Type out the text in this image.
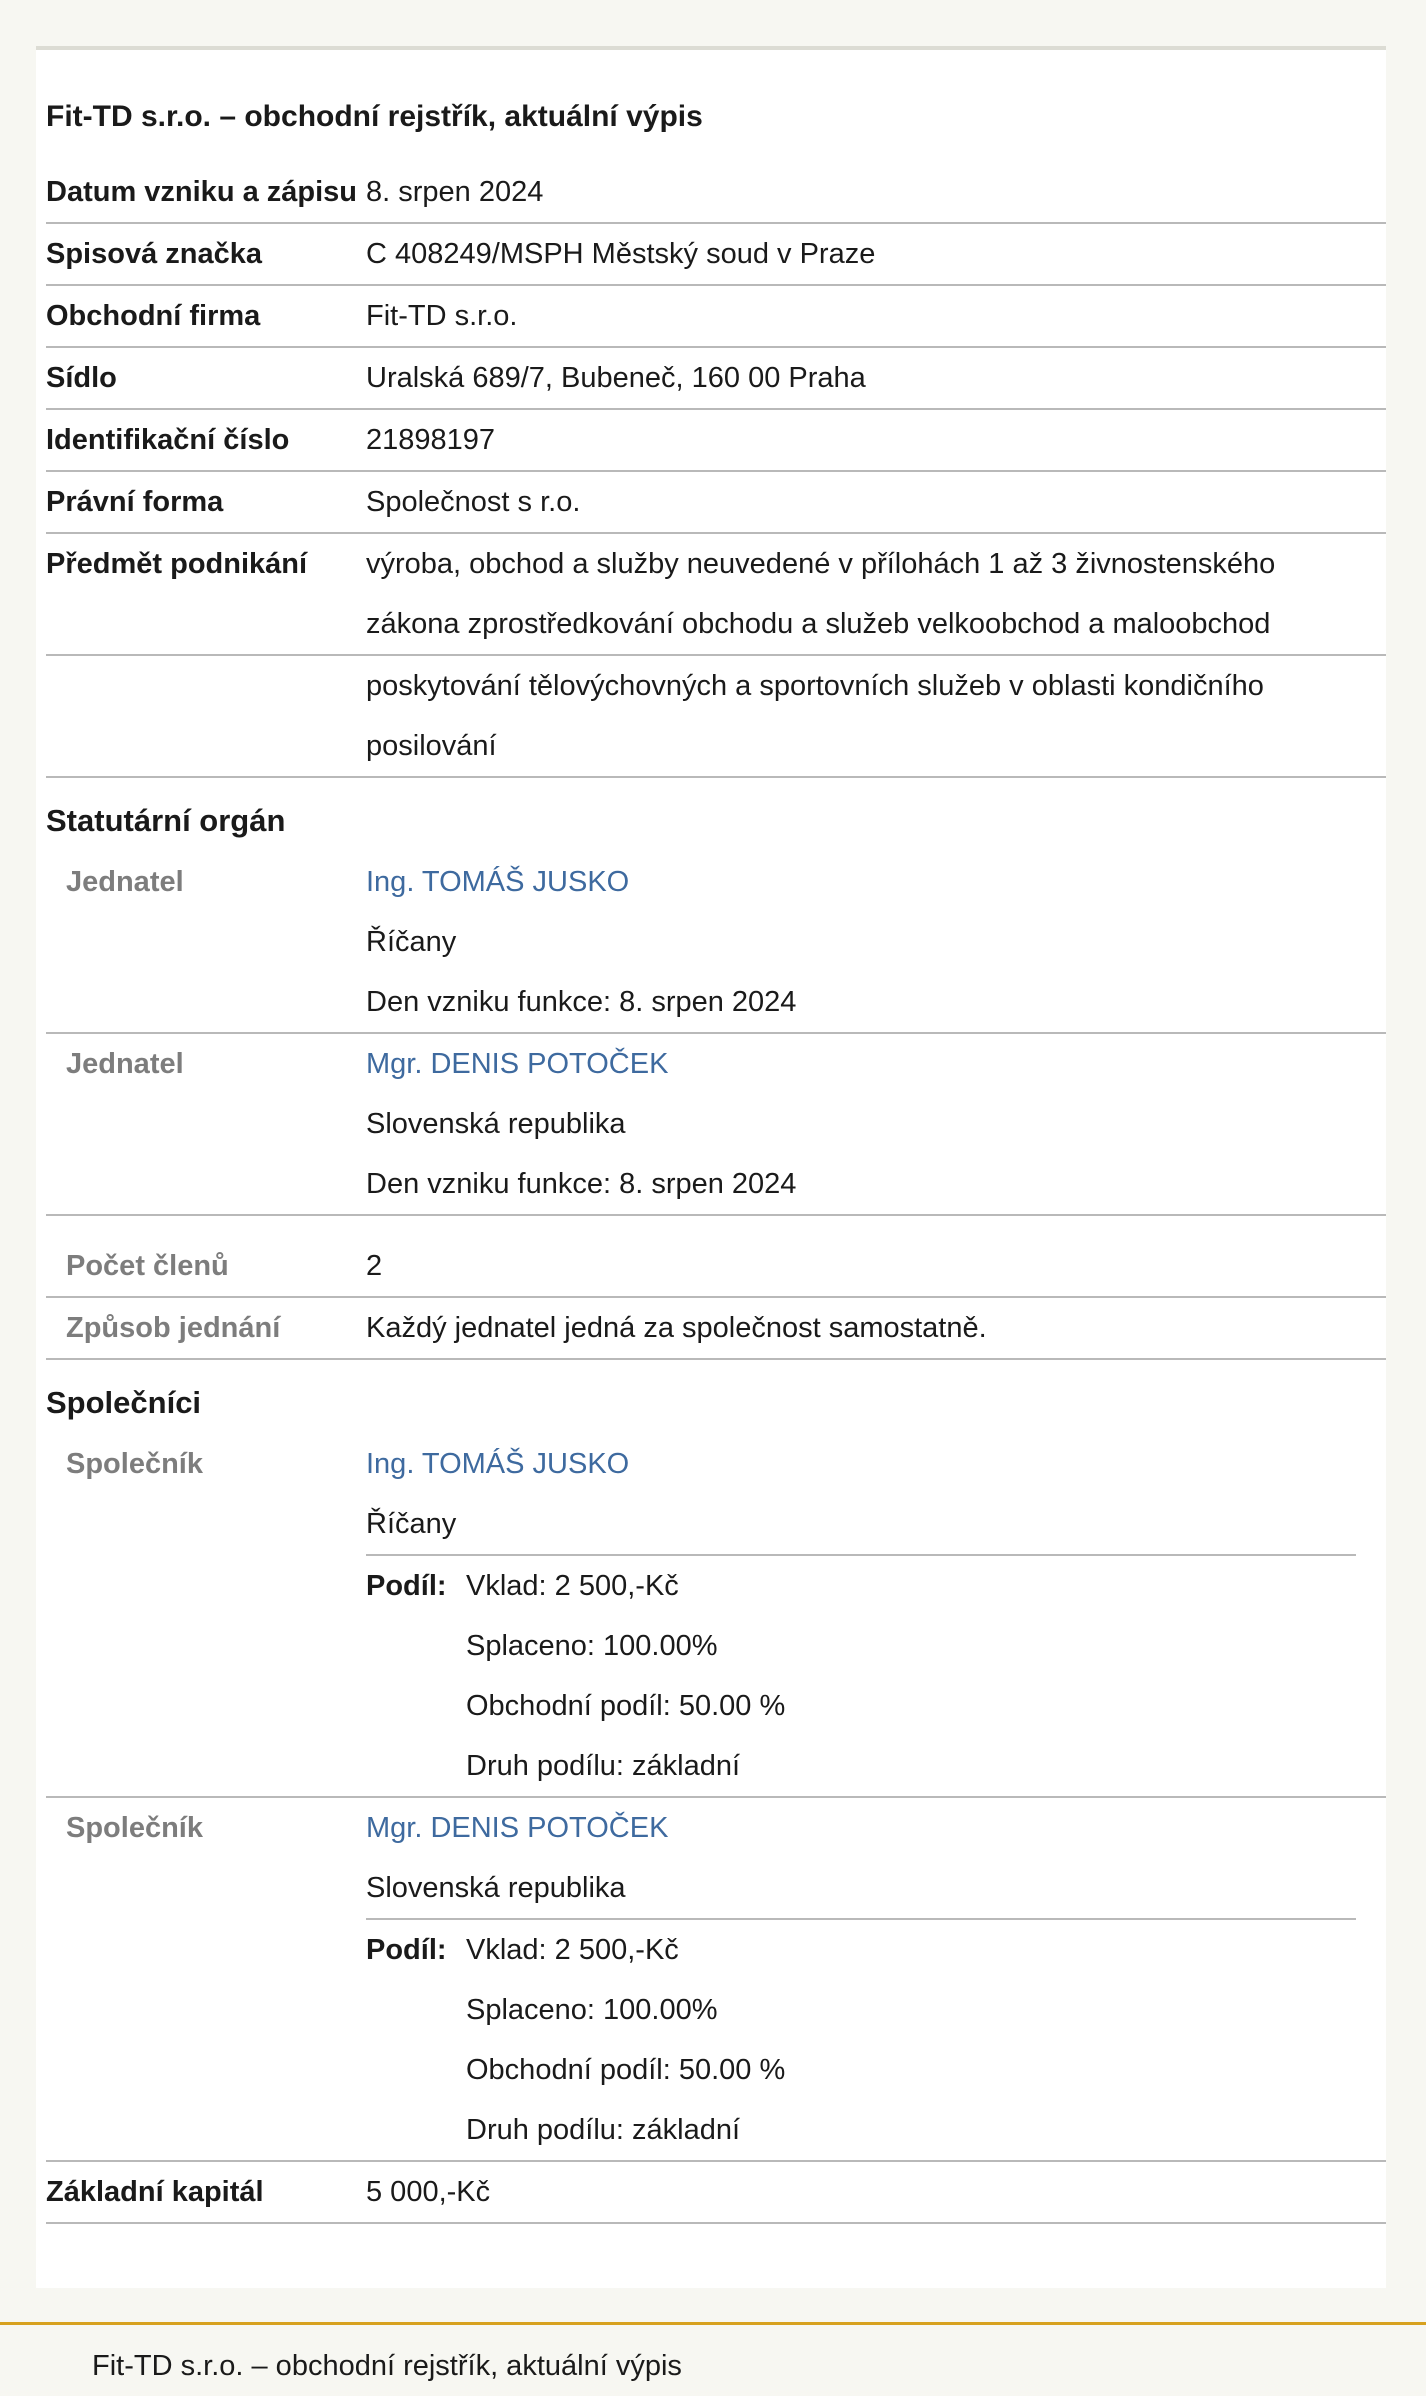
Fit-TD s.r.o. – obchodní rejstřík, aktuální výpis
Datum vzniku a zápisu 8. srpen 2024
Spisová značka	C 408249/MSPH Městský soud v Praze
Obchodní firma	Fit-TD s.r.o.
Sídlo	Uralská 689/7, Bubeneč, 160 00 Praha
Identifikační číslo	21898197
Právní forma	Společnost s r.o.
Předmět podnikání	výroba, obchod a služby neuvedené v přílohách 1 až 3 živnostenského zákona zprostředkování obchodu a služeb velkoobchod a maloobchod
poskytování tělovýchovných a sportovních služeb v oblasti kondičního posilování
Statutární orgán
Jednatel	Ing. TOMÁŠ JUSKO
Říčany
Den vzniku funkce: 8. srpen 2024
Jednatel	Mgr. DENIS POTOČEK
Slovenská republika
Den vzniku funkce: 8. srpen 2024
Počet členů	2
Způsob jednání	Každý jednatel jedná za společnost samostatně.
Společníci
Společník	Ing. TOMÁŠ JUSKO
Říčany
Podíl: Vklad: 2 500,-Kč
Splaceno: 100.00%
Obchodní podíl: 50.00 %
Druh podílu: základní
Společník	Mgr. DENIS POTOČEK
Slovenská republika
Podíl: Vklad: 2 500,-Kč
Splaceno: 100.00%
Obchodní podíl: 50.00 %
Druh podílu: základní
Základní kapitál	5 000,-Kč
Fit-TD s.r.o. – obchodní rejstřík, aktuální výpis
